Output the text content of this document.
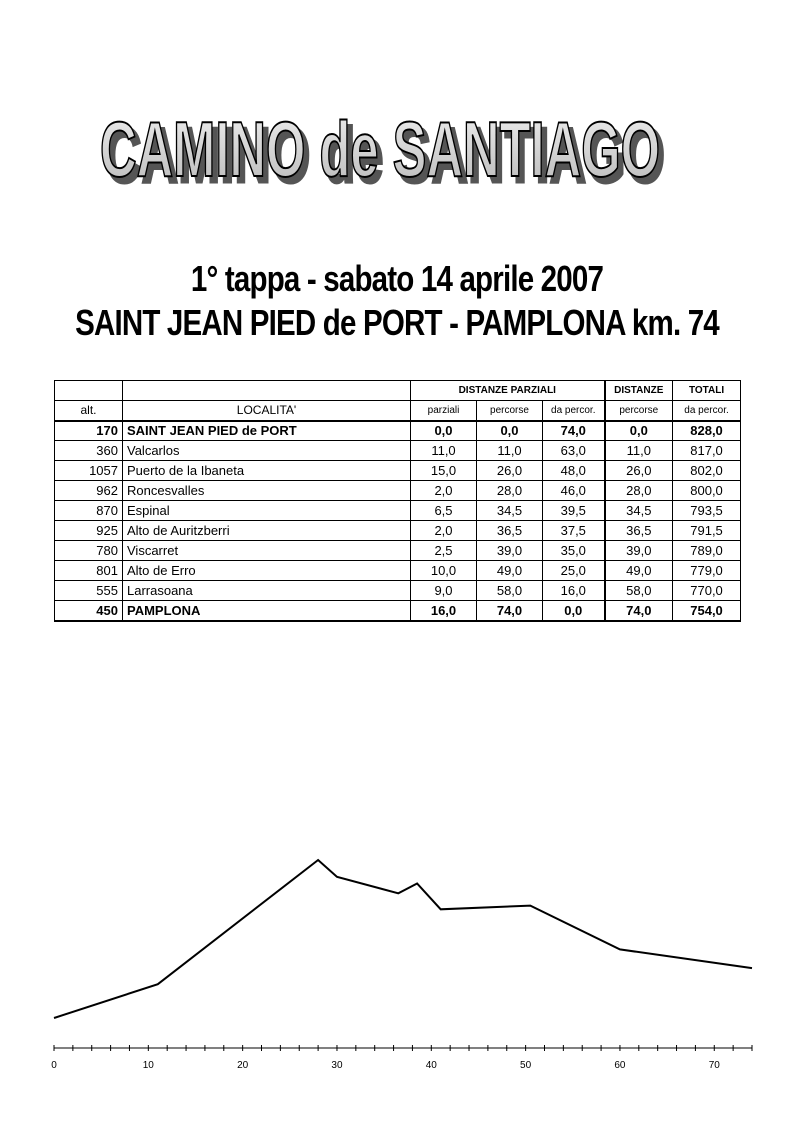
CAMINO de SANTIAGO
CAMINO de SANTIAGO
1° tappa - sabato 14 aprile 2007
SAINT JEAN PIED de PORT - PAMPLONA km. 74
		DISTANZE PARZIALI			DISTANZE	TOTALI
alt.	LOCALITA'	parziali	percorse	da percor.	percorse	da percor.
170	SAINT JEAN PIED de PORT	0,0	0,0	74,0	0,0	828,0
360	Valcarlos	11,0	11,0	63,0	11,0	817,0
1057	Puerto de la Ibaneta	15,0	26,0	48,0	26,0	802,0
962	Roncesvalles	2,0	28,0	46,0	28,0	800,0
870	Espinal	6,5	34,5	39,5	34,5	793,5
925	Alto de Auritzberri	2,0	36,5	37,5	36,5	791,5
780	Viscarret	2,5	39,0	35,0	39,0	789,0
801	Alto de Erro	10,0	49,0	25,0	49,0	779,0
555	Larrasoana	9,0	58,0	16,0	58,0	770,0
450	PAMPLONA	16,0	74,0	0,0	74,0	754,0
0	10	20	30	40	50	60	70
